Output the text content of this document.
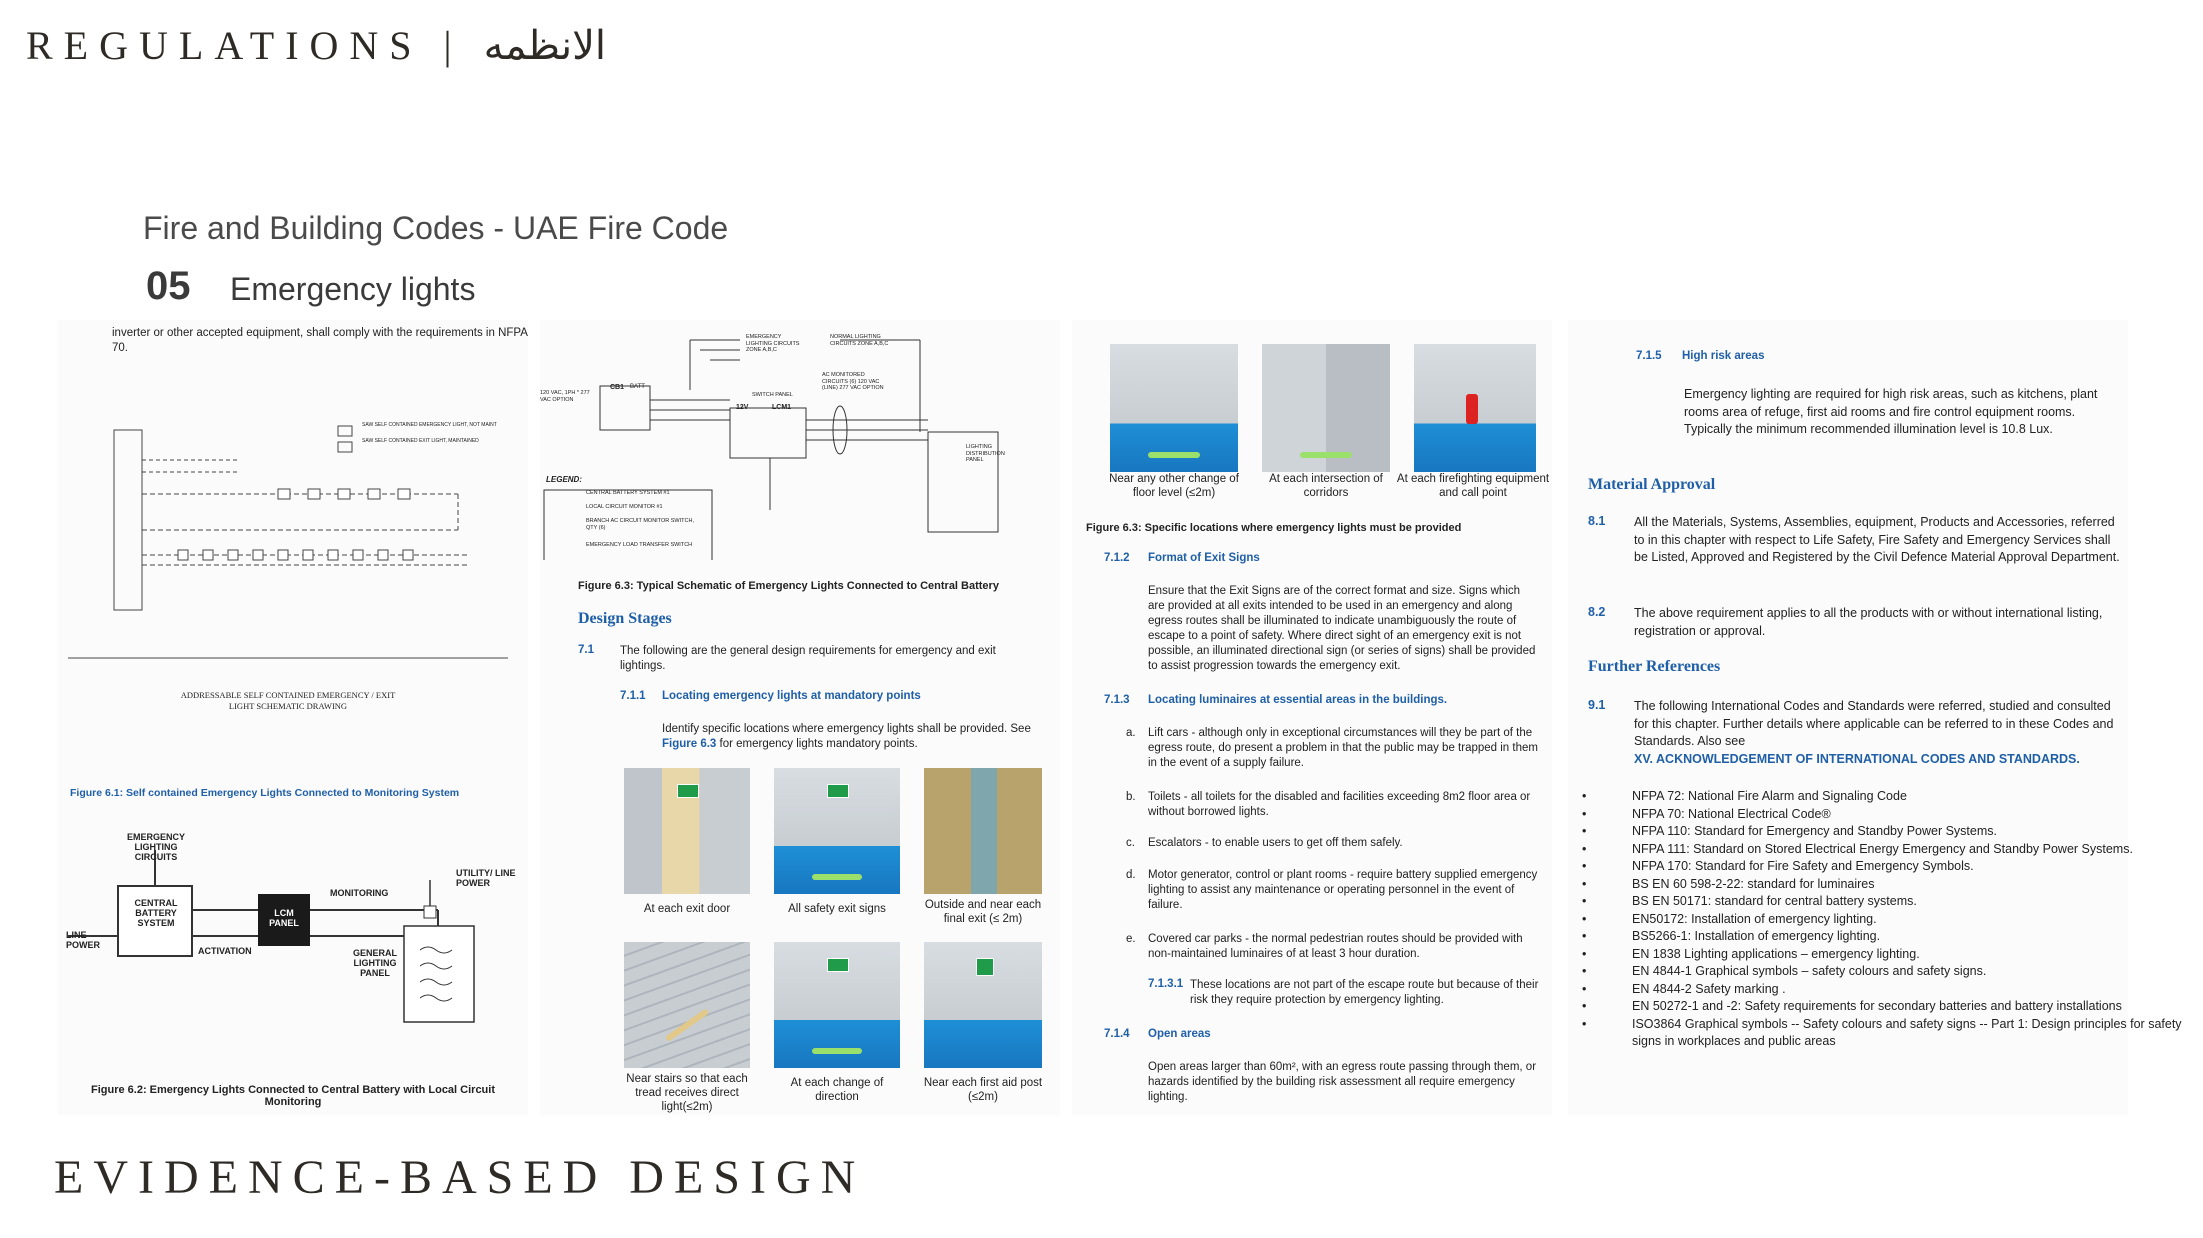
REGULATIONS | الانظمه
Fire and Building Codes - UAE Fire Code
05 Emergency lights
inverter or other accepted equipment, shall comply with the requirements in NFPA 70.
SAW SELF CONTAINED EMERGENCY LIGHT, NOT MAINT
SAW SELF CONTAINED EXIT LIGHT, MAINTAINED
ADDRESSABLE SELF CONTAINED EMERGENCY / EXIT LIGHT SCHEMATIC DRAWING
Figure 6.1: Self contained Emergency Lights Connected to Monitoring System
EMERGENCY LIGHTING CIRCUITS
CENTRAL BATTERY SYSTEM
LCM PANEL
MONITORING
UTILITY/ LINE POWER
LINE POWER
ACTIVATION	GENERAL LIGHTING PANEL
Figure 6.2: Emergency Lights Connected to Central Battery with Local Circuit Monitoring
EMERGENCY LIGHTING CIRCUITS ZONE A,B,C
NORMAL LIGHTING CIRCUITS ZONE A,B,C
AC MONITORED CIRCUITS (6) 120 VAC (LINE) 277 VAC OPTION
SWITCH PANEL
12V	LCM1
CB1 BATT
120 VAC, 1PH * 277 VAC OPTION
LIGHTING DISTRIBUTION PANEL
LEGEND:
CENTRAL BATTERY SYSTEM #1
LOCAL CIRCUIT MONITOR #1
BRANCH AC CIRCUIT MONITOR SWITCH, QTY (6)
EMERGENCY LOAD TRANSFER SWITCH
Figure 6.3: Typical Schematic of Emergency Lights Connected to Central Battery
Design Stages
7.1 The following are the general design requirements for emergency and exit lightings.
7.1.1 Locating emergency lights at mandatory points
Identify specific locations where emergency lights shall be provided. See Figure 6.3 for emergency lights mandatory points.
At each exit door	All safety exit signs	Outside and near each final exit (≤ 2m)
Near stairs so that each tread receives direct light(≤2m)
At each change of direction
Near each first aid post (≤2m)
Near any other change of floor level (≤2m)
At each intersection of corridors
At each firefighting equipment and call point
Figure 6.3: Specific locations where emergency lights must be provided
7.1.2 Format of Exit Signs
Ensure that the Exit Signs are of the correct format and size. Signs which are provided at all exits intended to be used in an emergency and along egress routes shall be illuminated to indicate unambiguously the route of escape to a point of safety. Where direct sight of an emergency exit is not possible, an illuminated directional sign (or series of signs) shall be provided to assist progression towards the emergency exit.
7.1.3 Locating luminaires at essential areas in the buildings.
a. Lift cars - although only in exceptional circumstances will they be part of the egress route, do present a problem in that the public may be trapped in them in the event of a supply failure.
b. Toilets - all toilets for the disabled and facilities exceeding 8m2 floor area or without borrowed lights.
c. Escalators - to enable users to get off them safely.
d. Motor generator, control or plant rooms - require battery supplied emergency lighting to assist any maintenance or operating personnel in the event of failure.
e. Covered car parks - the normal pedestrian routes should be provided with non-maintained luminaires of at least 3 hour duration.
7.1.3.1 These locations are not part of the escape route but because of their risk they require protection by emergency lighting.
7.1.4 Open areas
Open areas larger than 60m², with an egress route passing through them, or hazards identified by the building risk assessment all require emergency lighting.
7.1.5 High risk areas
Emergency lighting are required for high risk areas, such as kitchens, plant rooms area of refuge, first aid rooms and fire control equipment rooms. Typically the minimum recommended illumination level is 10.8 Lux.
Material Approval
8.1 All the Materials, Systems, Assemblies, equipment, Products and Accessories, referred to in this chapter with respect to Life Safety, Fire Safety and Emergency Services shall be Listed, Approved and Registered by the Civil Defence Material Approval Department.
8.2 The above requirement applies to all the products with or without international listing, registration or approval.
Further References
9.1 The following International Codes and Standards were referred, studied and consulted for this chapter. Further details where applicable can be referred to in these Codes and Standards. Also see
XV. ACKNOWLEDGEMENT OF INTERNATIONAL CODES AND STANDARDS.
• NFPA 72: National Fire Alarm and Signaling Code
• NFPA 70: National Electrical Code®
• NFPA 110: Standard for Emergency and Standby Power Systems.
• NFPA 111: Standard on Stored Electrical Energy Emergency and Standby Power Systems.
• NFPA 170: Standard for Fire Safety and Emergency Symbols.
• BS EN 60 598-2-22: standard for luminaires
• BS EN 50171: standard for central battery systems.
• EN50172: Installation of emergency lighting.
• BS5266-1: Installation of emergency lighting.
• EN 1838 Lighting applications – emergency lighting.
• EN 4844-1 Graphical symbols – safety colours and safety signs.
• EN 4844-2 Safety marking .
• EN 50272-1 and -2: Safety requirements for secondary batteries and battery installations
• ISO3864 Graphical symbols -- Safety colours and safety signs -- Part 1: Design principles for safety signs in workplaces and public areas
EVIDENCE-BASED DESIGN
